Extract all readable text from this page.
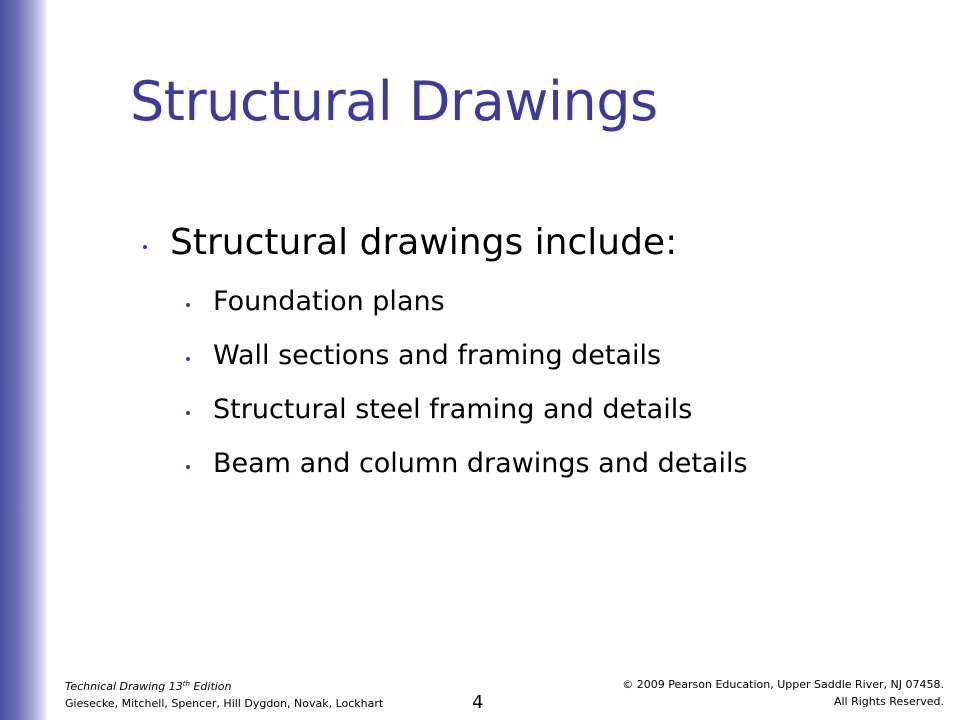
Structural Drawings
Structural drawings include:
Foundation plans
Wall sections and framing details
Structural steel framing and details
Beam and column drawings and details
Technical Drawing 13th Edition
Giesecke, Mitchell, Spencer, Hill Dygdon, Novak, Lockhart	4
© 2009 Pearson Education, Upper Saddle River, NJ 07458.
All Rights Reserved.
